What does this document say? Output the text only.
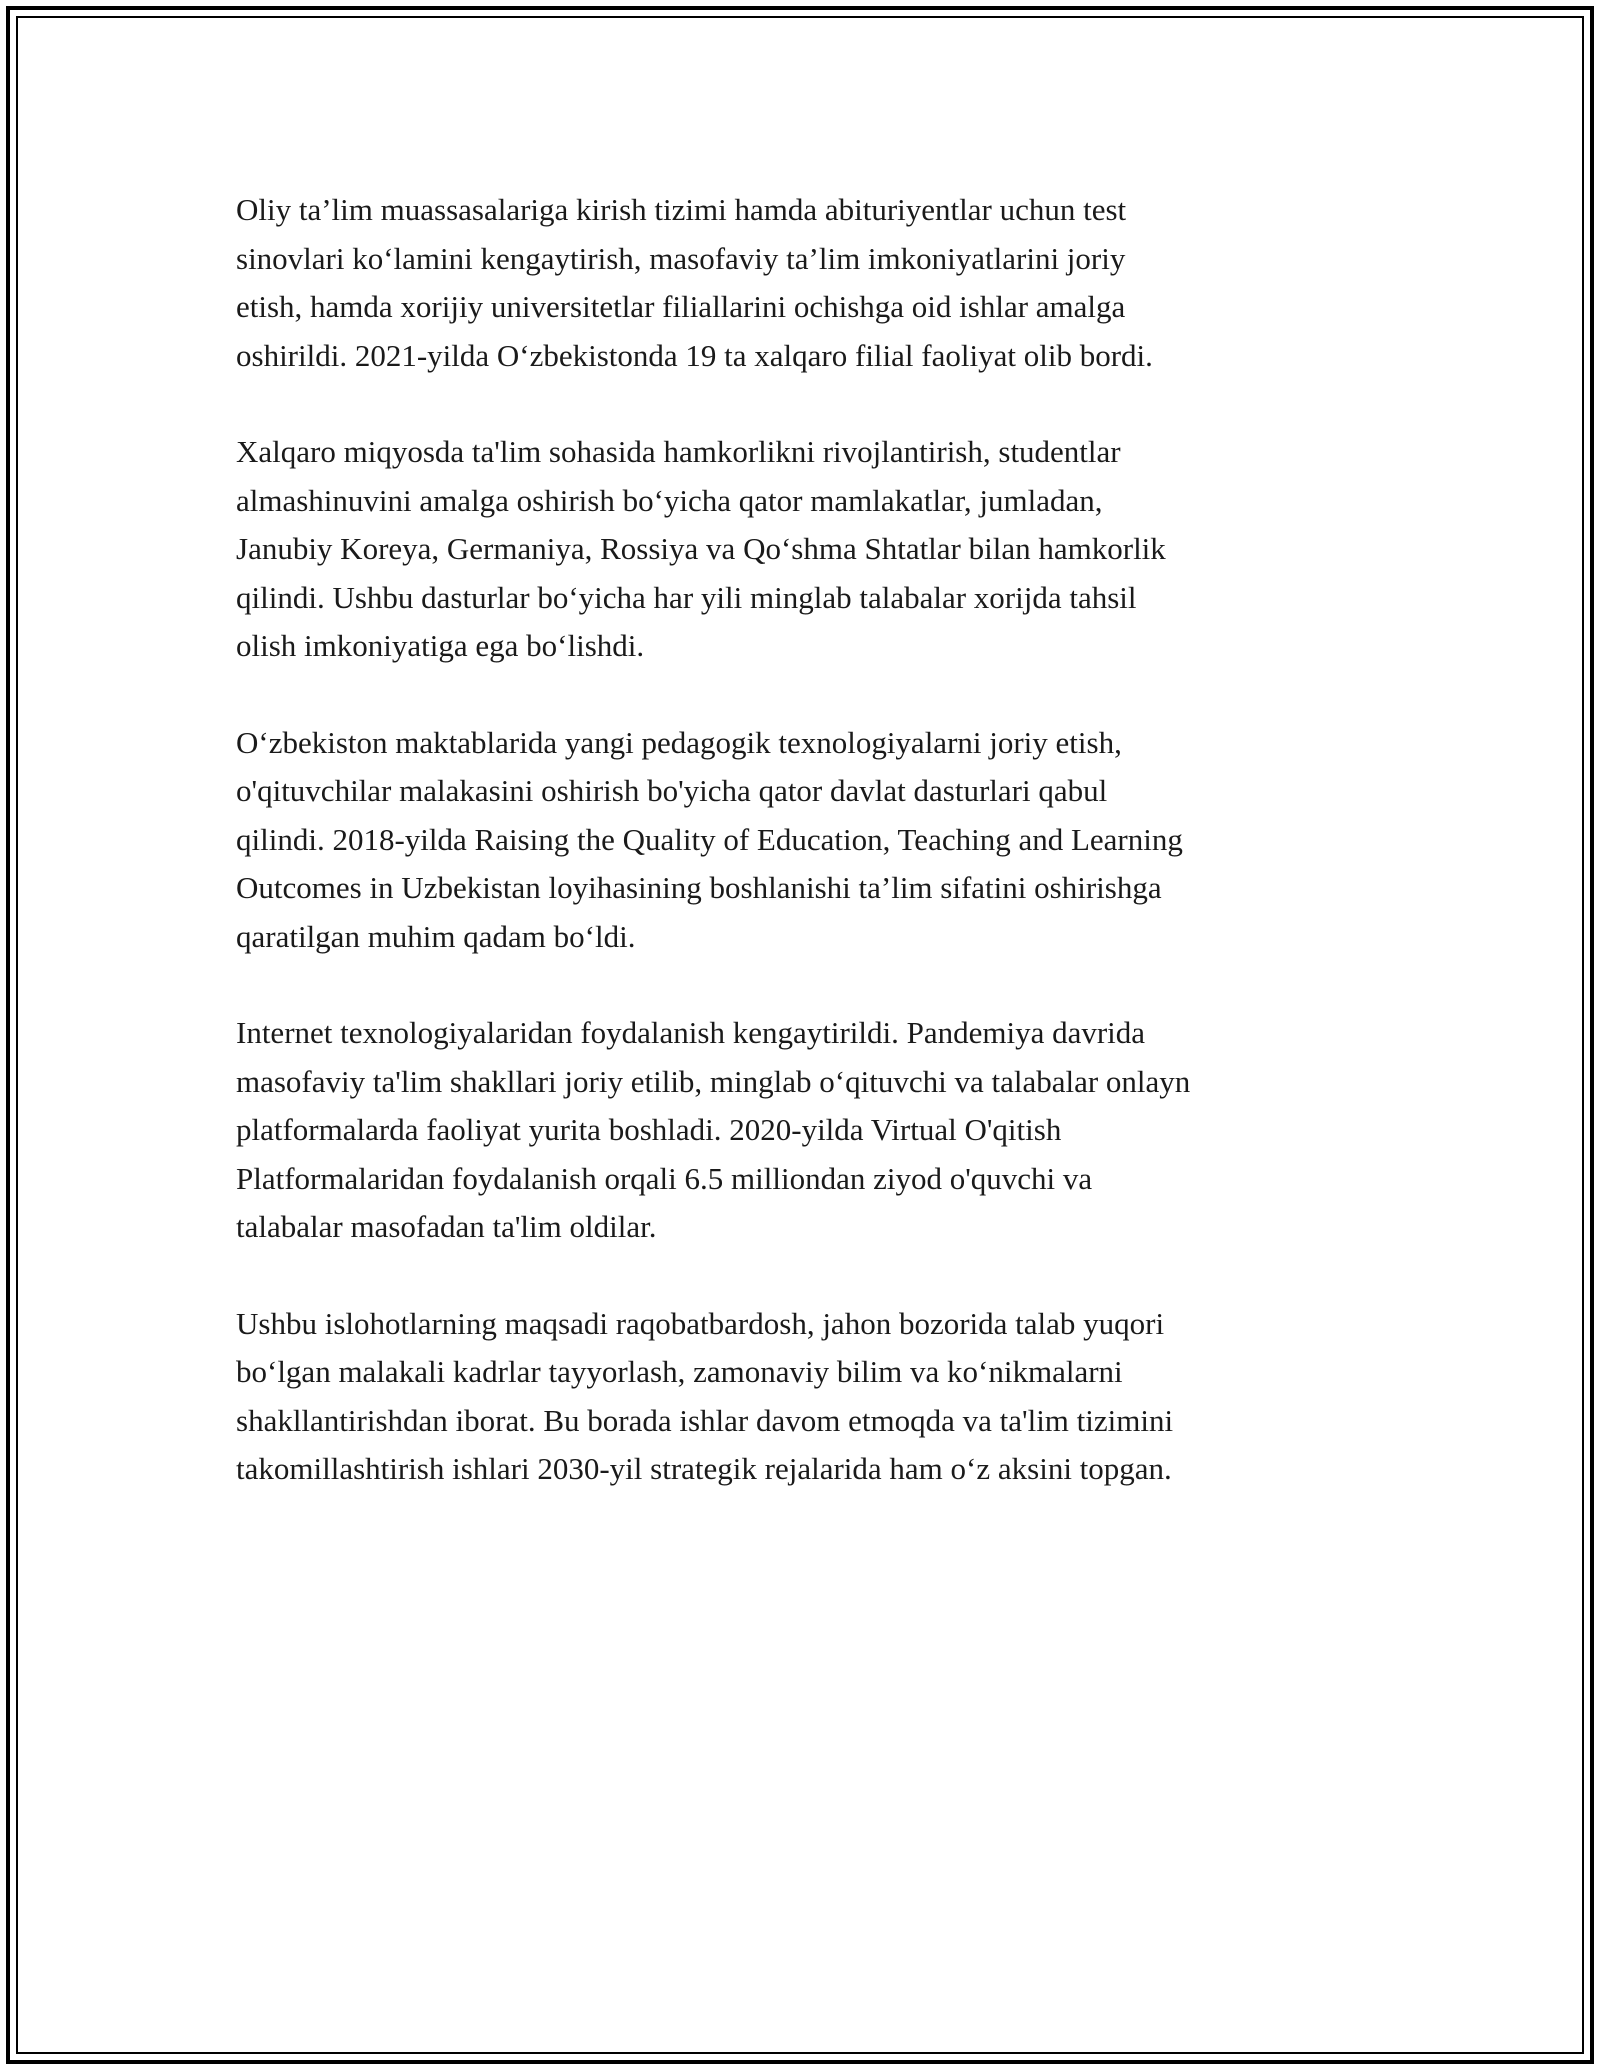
Oliy ta’lim muassasalariga kirish tizimi hamda abituriyentlar uchun test
sinovlari ko‘lamini kengaytirish, masofaviy ta’lim imkoniyatlarini joriy
etish, hamda xorijiy universitetlar filiallarini ochishga oid ishlar amalga
oshirildi. 2021-yilda O‘zbekistonda 19 ta xalqaro filial faoliyat olib bordi.

Xalqaro miqyosda ta'lim sohasida hamkorlikni rivojlantirish, studentlar
almashinuvini amalga oshirish bo‘yicha qator mamlakatlar, jumladan,
Janubiy Koreya, Germaniya, Rossiya va Qo‘shma Shtatlar bilan hamkorlik
qilindi. Ushbu dasturlar bo‘yicha har yili minglab talabalar xorijda tahsil
olish imkoniyatiga ega bo‘lishdi.

O‘zbekiston maktablarida yangi pedagogik texnologiyalarni joriy etish,
o'qituvchilar malakasini oshirish bo'yicha qator davlat dasturlari qabul
qilindi. 2018-yilda Raising the Quality of Education, Teaching and Learning
Outcomes in Uzbekistan loyihasining boshlanishi ta’lim sifatini oshirishga
qaratilgan muhim qadam bo‘ldi.

Internet texnologiyalaridan foydalanish kengaytirildi. Pandemiya davrida
masofaviy ta'lim shakllari joriy etilib, minglab o‘qituvchi va talabalar onlayn
platformalarda faoliyat yurita boshladi. 2020-yilda Virtual O'qitish
Platformalaridan foydalanish orqali 6.5 milliondan ziyod o'quvchi va
talabalar masofadan ta'lim oldilar.

Ushbu islohotlarning maqsadi raqobatbardosh, jahon bozorida talab yuqori
bo‘lgan malakali kadrlar tayyorlash, zamonaviy bilim va ko‘nikmalarni
shakllantirishdan iborat. Bu borada ishlar davom etmoqda va ta'lim tizimini
takomillashtirish ishlari 2030-yil strategik rejalarida ham o‘z aksini topgan.
